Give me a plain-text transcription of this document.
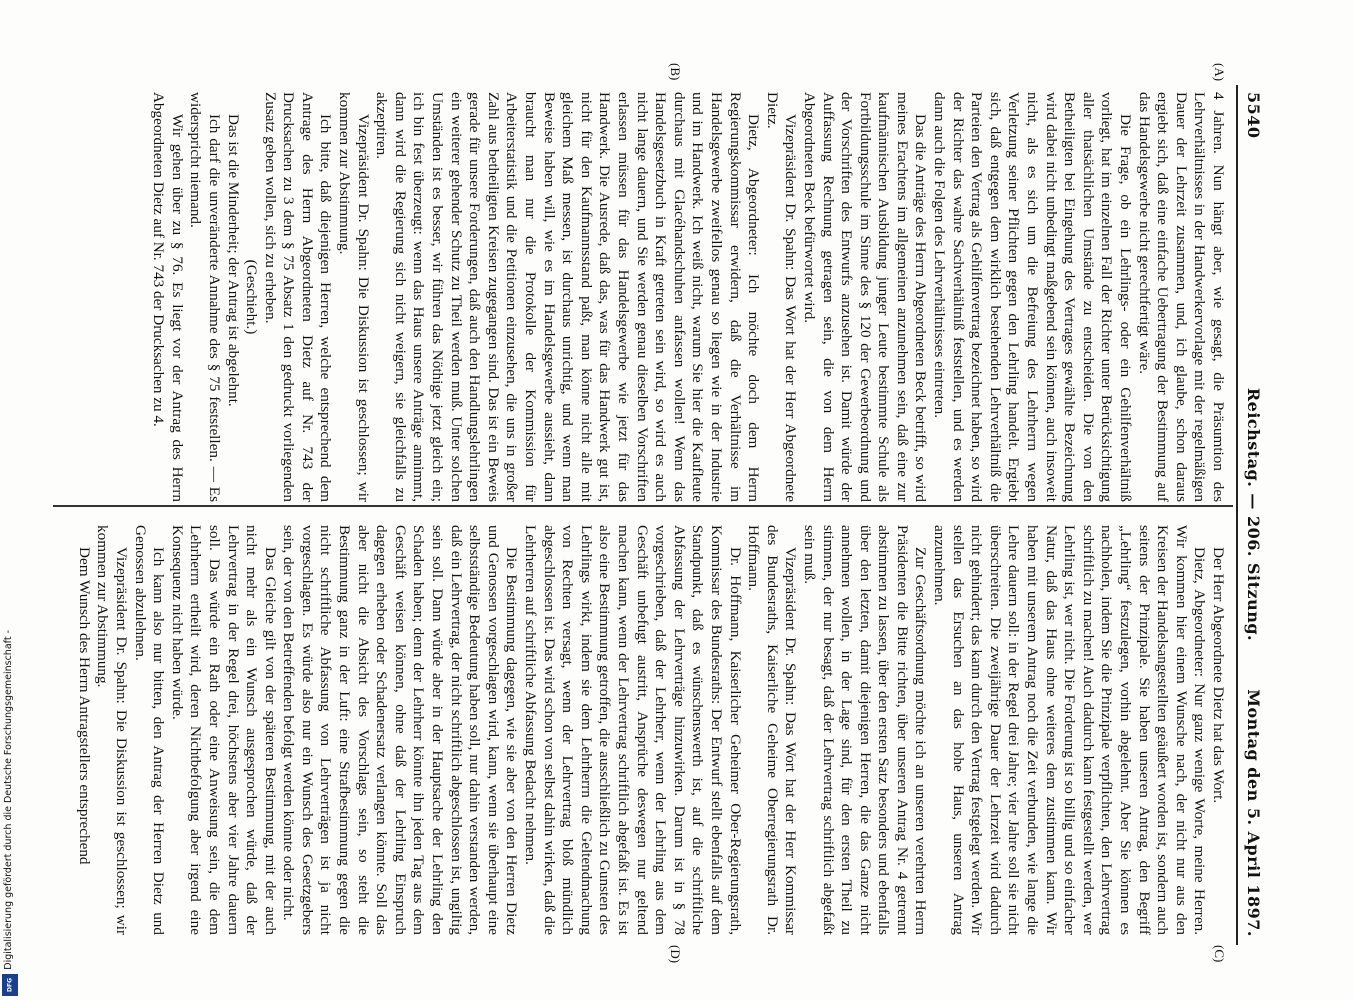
5540
Reichstag. — 206. Sitzung.
Montag den 5. April 1897.
(A)
(B)
(C)
(D)

4 Jahren. Nun hängt aber, wie gesagt, die Präsumtion des Lehrverhältnisses in der Handwerkervorlage mit der regelmäßigen Dauer der Lehrzeit zusammen, und, ich glaube, schon daraus ergiebt sich, daß eine einfache Uebertragung der Bestimmung auf das Handelsgewerbe nicht gerechtfertigt wäre.

Die Frage, ob ein Lehrlings- oder ein Gehilfenverhältniß vorliegt, hat im einzelnen Fall der Richter unter Berücksichtigung aller thatsächlichen Umstände zu entscheiden. Die von den Betheiligten bei Eingehung des Vertrages gewählte Bezeichnung wird dabei nicht unbedingt maßgebend sein können, auch insoweit nicht, als es sich um die Befreiung des Lehrherrn wegen Verletzung seiner Pflichten gegen den Lehrling handelt. Ergiebt sich, daß entgegen dem wirklich bestehenden Lehrverhältniß die Parteien den Vertrag als Gehilfenvertrag bezeichnet haben, so wird der Richter das wahre Sachverhältniß feststellen, und es werden dann auch die Folgen des Lehrverhältnisses eintreten.

Das die Anträge des Herrn Abgeordneten Beck betrifft, so wird meines Erachtens im allgemeinen anzunehmen sein, daß eine zur kaufmännischen Ausbildung junger Leute bestimmte Schule als Fortbildungsschule im Sinne des § 120 der Gewerbeordnung und der Vorschriften des Entwurfs anzusehen ist. Damit würde der Auffassung Rechnung getragen sein, die von dem Herrn Abgeordneten Beck befürwortet wird.

Vizepräsident Dr. Spahn: Das Wort hat der Herr Abgeordnete Dietz.

Dietz, Abgeordneter: Ich möchte doch dem Herrn Regierungskommissar erwidern, daß die Verhältnisse im Handelsgewerbe zweifellos genau so liegen wie in der Industrie und im Handwerk. Ich weiß nicht, warum Sie hier die Kaufleute durchaus mit Glacéhandschuhen anfassen wollen! Wenn das Handelsgesetzbuch in Kraft getreten sein wird, so wird es auch nicht lange dauern, und Sie werden genau dieselben Vorschriften erlassen müssen für das Handelsgewerbe wie jetzt für das Handwerk. Die Ausrede, daß das, was für das Handwerk gut ist, nicht für den Kaufmannsstand paßt, man könne nicht alle mit gleichem Maß messen, ist durchaus unrichtig, und wenn man Beweise haben will, wie es im Handelsgewerbe aussieht, dann braucht man nur die Protokolle der Kommission für Arbeiterstatistik und die Petitionen einzusehen, die uns in großer Zahl aus betheiligten Kreisen zugegangen sind. Das ist ein Beweis gerade für unsere Forderungen, daß auch den Handlungslehrlingen ein weiterer gehender Schutz zu Theil werden muß. Unter solchen Umständen ist es besser, wir führen das Nöthige jetzt gleich ein; ich bin fest überzeugt: wenn das Haus unsere Anträge annimmt, dann wird die Regierung sich nicht weigern, sie gleichfalls zu akzeptiren.

Vizepräsident Dr. Spahn: Die Diskussion ist geschlossen; wir kommen zur Abstimmung.

Ich bitte, daß diejenigen Herren, welche entsprechend dem Antrage des Herrn Abgeordneten Dietz auf Nr. 743 der Drucksachen zu 3 dem § 75 Absatz 1 den gedruckt vorliegenden Zusatz geben wollen, sich zu erheben.

(Geschieht.)

Das ist die Minderheit; der Antrag ist abgelehnt.

Ich darf die unveränderte Annahme des § 75 feststellen. — Es widerspricht niemand.

Wir gehen über zu § 76. Es liegt vor der Antrag des Herrn Abgeordneten Dietz auf Nr. 743 der Drucksachen zu 4.

Der Herr Abgeordnete Dietz hat das Wort.

Dietz, Abgeordneter: Nur ganz wenige Worte, meine Herren. Wir kommen hier einem Wunsche nach, der nicht nur aus den Kreisen der Handelsangestellten geäußert worden ist, sondern auch seitens der Prinzipale. Sie haben unseren Antrag, den Begriff „Lehrling“ festzulegen, vorhin abgelehnt. Aber Sie können es nachholen, indem Sie die Prinzipale verpflichten, den Lehrvertrag schriftlich zu machen! Auch dadurch kann festgestellt werden, wer Lehrling ist, wer nicht. Die Forderung ist so billig und so einfacher Natur, daß das Haus ohne weiteres dem zustimmen kann. Wir haben mit unserem Antrag noch die Zeit verbunden, wie lange die Lehre dauern soll: in der Regel drei Jahre; vier Jahre soll sie nicht überschreiten. Die zweijährige Dauer der Lehrzeit wird dadurch nicht gehindert; das kann durch den Vertrag festgelegt werden. Wir stellen das Ersuchen an das hohe Haus, unseren Antrag anzunehmen.

Zur Geschäftsordnung möchte ich an unseren verehrten Herrn Präsidenten die Bitte richten, über unseren Antrag Nr. 4 getrennt abstimmen zu lassen, über den ersten Satz besonders und ebenfalls über den letzten, damit diejenigen Herren, die das Ganze nicht annehmen wollen, in der Lage sind, für den ersten Theil zu stimmen, der nur besagt, daß der Lehrvertrag schriftlich abgefaßt sein muß.

Vizepräsident Dr. Spahn: Das Wort hat der Herr Kommissar des Bundesraths, Kaiserliche Geheime Oberregierungsrath Dr. Hoffmann.

Dr. Hoffmann, Kaiserlicher Geheimer Ober-Regierungsrath, Kommissar des Bundesraths: Der Entwurf stellt ebenfalls auf dem Standpunkt, daß es wünschenswerth ist, auf die schriftliche Abfassung der Lehrverträge hinzuwirken. Darum ist in § 78 vorgeschrieben, daß der Lehrherr, wenn der Lehrling aus dem Geschäft unbefugt austritt, Ansprüche deswegen nur geltend machen kann, wenn der Lehrvertrag schriftlich abgefaßt ist. Es ist also eine Bestimmung getroffen, die ausschließlich zu Gunsten des Lehrlings wirkt, indem sie dem Lehrherrn die Geltendmachung von Rechten versagt, wenn der Lehrvertrag bloß mündlich abgeschlossen ist. Das wird schon von selbst dahin wirken, daß die Lehrherren auf schriftliche Abfassung Bedacht nehmen.

Die Bestimmung dagegen, wie sie aber von den Herren Dietz und Genossen vorgeschlagen wird, kann, wenn sie überhaupt eine selbstständige Bedeutung haben soll, nur dahin verstanden werden, daß ein Lehrvertrag, der nicht schriftlich abgeschlossen ist, ungiltig sein soll. Dann würde aber in der Hauptsache der Lehrling den Schaden haben; denn der Lehrherr könnte ihn jeden Tag aus dem Geschäft weisen können, ohne daß der Lehrling Einspruch dagegen erheben oder Schadenersatz verlangen könnte. Soll das aber nicht die Absicht des Vorschlags sein, so steht die Bestimmung ganz in der Luft: eine Strafbestimmung gegen die nicht schriftliche Abfassung von Lehrverträgen ist ja nicht vorgeschlagen. Es würde also nur ein Wunsch des Gesetzgebers sein, der von den Betreffenden befolgt werden könnte oder nicht.

Das Gleiche gilt von der späteren Bestimmung, mit der auch nicht mehr als ein Wunsch ausgesprochen würde, daß der Lehrvertrag in der Regel drei, höchstens aber vier Jahre dauern soll. Das würde ein Rath oder eine Anweisung sein, die dem Lehrherrn ertheilt wird, deren Nichtbefolgung aber irgend eine Konsequenz nicht haben würde.

Ich kann also nur bitten, den Antrag der Herren Dietz und Genossen abzulehnen.

Vizepräsident Dr. Spahn: Die Diskussion ist geschlossen; wir kommen zur Abstimmung.

Dem Wunsch des Herrn Antragstellers entsprechend

Digitalisierung gefördert durch die Deutsche Forschungsgemeinschaft -
DFG
